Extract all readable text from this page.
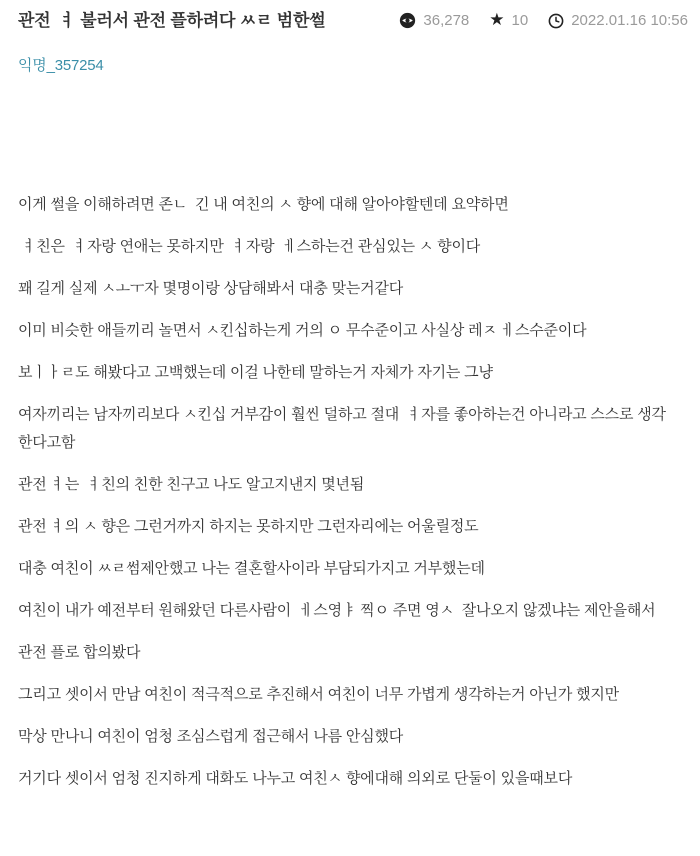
관전  ㅕ 불러서 관전 플하려다 ㅆㄹ 범한썰	36,278 ★ 10	2022.01.16 10:56
익명_357254

이게 썰을 이해하려면 존ㄴ  긴 내 여친의 ㅅ 향에 대해 알아야할텐데 요약하면

ㅕ친은  ㅕ자랑 연애는 못하지만  ㅕ자랑  ㅔ스하는건 관심있는 ㅅ 향이다

꽤 길게 실제 ㅅㅗㅜ자 몇명이랑 상담해봐서 대충 맞는거같다

이미 비슷한 애들끼리 놀면서 ㅅ킨십하는게 거의 ㅇ 무수준이고 사실상 레ㅈ ㅔ스수준이다

보ㅣㅏㄹ도 해봤다고 고백했는데 이걸 나한테 말하는거 자체가 자기는 그냥

여자끼리는 남자끼리보다 ㅅ킨십 거부감이 훨씬 덜하고 절대  ㅕ자를 좋아하는건 아니라고 스스로 생각한다고함

관전 ㅕ는  ㅕ친의 친한 친구고 나도 알고지낸지 몇년됨

관전 ㅕ의 ㅅ 향은 그런거까지 하지는 못하지만 그런자리에는 어울릴정도

대충 여친이 ㅆㄹ썸제안했고 나는 결혼할사이라 부담되가지고 거부했는데

여친이 내가 예전부터 원해왔던 다른사람이  ㅔ스영ㅑ 찍ㅇ 주면 영ㅅ  잘나오지 않겠냐는 제안을해서

관전 플로 합의봤다

그리고 셋이서 만남 여친이 적극적으로 추진해서 여친이 너무 가볍게 생각하는거 아닌가 했지만

막상 만나니 여친이 엄청 조심스럽게 접근해서 나름 안심했다

거기다 셋이서 엄청 진지하게 대화도 나누고 여친ㅅ 향에대해 의외로 단둘이 있을때보다
